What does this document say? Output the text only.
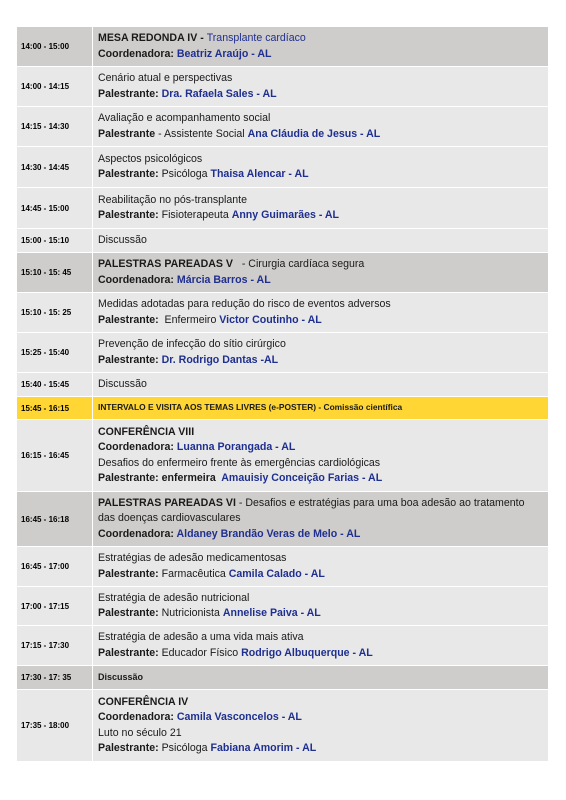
14:00 - 15:00	MESA REDONDA IV - Transplante cardíaco
Coordenadora: Beatriz Araújo - AL

14:00 - 14:15	Cenário atual e perspectivas
Palestrante: Dra. Rafaela Sales - AL

14:15 - 14:30	Avaliação e acompanhamento social
Palestrante - Assistente Social Ana Cláudia de Jesus - AL

14:30 - 14:45	Aspectos psicológicos
Palestrante: Psicóloga Thaisa Alencar - AL

14:45 - 15:00	Reabilitação no pós-transplante
Palestrante: Fisioterapeuta Anny Guimarães - AL

15:00 - 15:10	Discussão
15:10 - 15: 45	PALESTRAS PAREADAS V   - Cirurgia cardíaca segura
Coordenadora: Márcia Barros - AL

15:10 - 15: 25	Medidas adotadas para redução do risco de eventos adversos
Palestrante:  Enfermeiro Victor Coutinho - AL

15:25 - 15:40	Prevenção de infecção do sítio cirúrgico
Palestrante: Dr. Rodrigo Dantas -AL

15:40 - 15:45	Discussão
15:45 - 16:15	INTERVALO E VISITA AOS TEMAS LIVRES (e-POSTER) - Comissão científica
16:15 - 16:45	CONFERÊNCIA VIII
Coordenadora: Luanna Porangada - AL
Desafios do enfermeiro frente às emergências cardiológicas
Palestrante: enfermeira  Amauisiy Conceição Farias - AL

16:45 - 16:18	PALESTRAS PAREADAS VI - Desafios e estratégias para uma boa adesão ao tratamento das doenças cardiovasculares
Coordenadora: Aldaney Brandão Veras de Melo - AL

16:45 - 17:00	Estratégias de adesão medicamentosas
Palestrante: Farmacêutica Camila Calado - AL

17:00 - 17:15	Estratégia de adesão nutricional
Palestrante: Nutricionista Annelise Paiva - AL

17:15 - 17:30	Estratégia de adesão a uma vida mais ativa
Palestrante: Educador Físico Rodrigo Albuquerque - AL

17:30 - 17: 35	Discussão
17:35 - 18:00	CONFERÊNCIA IV
Coordenadora: Camila Vasconcelos - AL
Luto no século 21
Palestrante: Psicóloga Fabiana Amorim - AL
